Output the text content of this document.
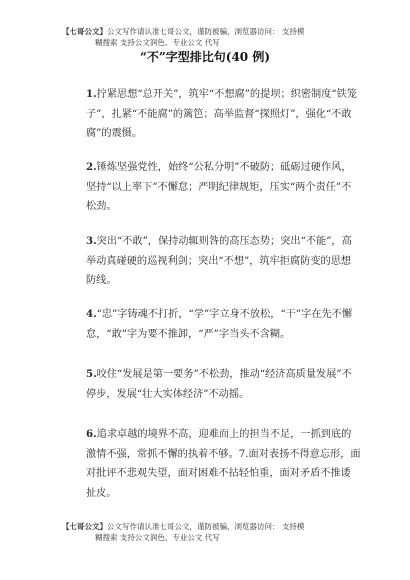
【七哥公文】公文写作请认准七哥公文，谨防被骗，浏览器访问： 支持模
糊搜索 支持公文润色、专业公文 代写
“不”字型排比句(40 例)
1.拧紧思想“总开关”，筑牢“不想腐”的提坝；织密制度“铁笼子”，扎紧“不能腐”的篱笆；高举监督“探照灯”，强化“不敢腐”的震慑。
2.锤炼坚强党性，始终“公私分明”不破防；砥砺过硬作风，坚持“以上率下”不懈怠；严明纪律规矩，压实“两个责任”不松劲。
3.突出“不敢”，保持动辄则咎的高压态势；突出“不能”，高举动真碰硬的巡视利剑；突出“不想”，筑牢拒腐防变的思想防线。
4.“忠”字铸魂不打折，“学”字立身不放松，“干”字在先不懈怠，“敢”字为要不推卸，“严”字当头不含糊。
5.咬住“发展是第一要务”不松劲，推动“经济高质量发展”不停步，发展“壮大实体经济”不动摇。
6.追求卓越的境界不高，迎难而上的担当不足，一抓到底的激情不强，常抓不懈的执着不够。7.面对表扬不得意忘形，面对批评不悲观失望，面对困难不拈轻怕重，面对矛盾不推诿扯皮。
【七哥公文】公文写作请认准七哥公文，谨防被骗，浏览器访问： 支持模
糊搜索 支持公文润色、专业公文 代写
